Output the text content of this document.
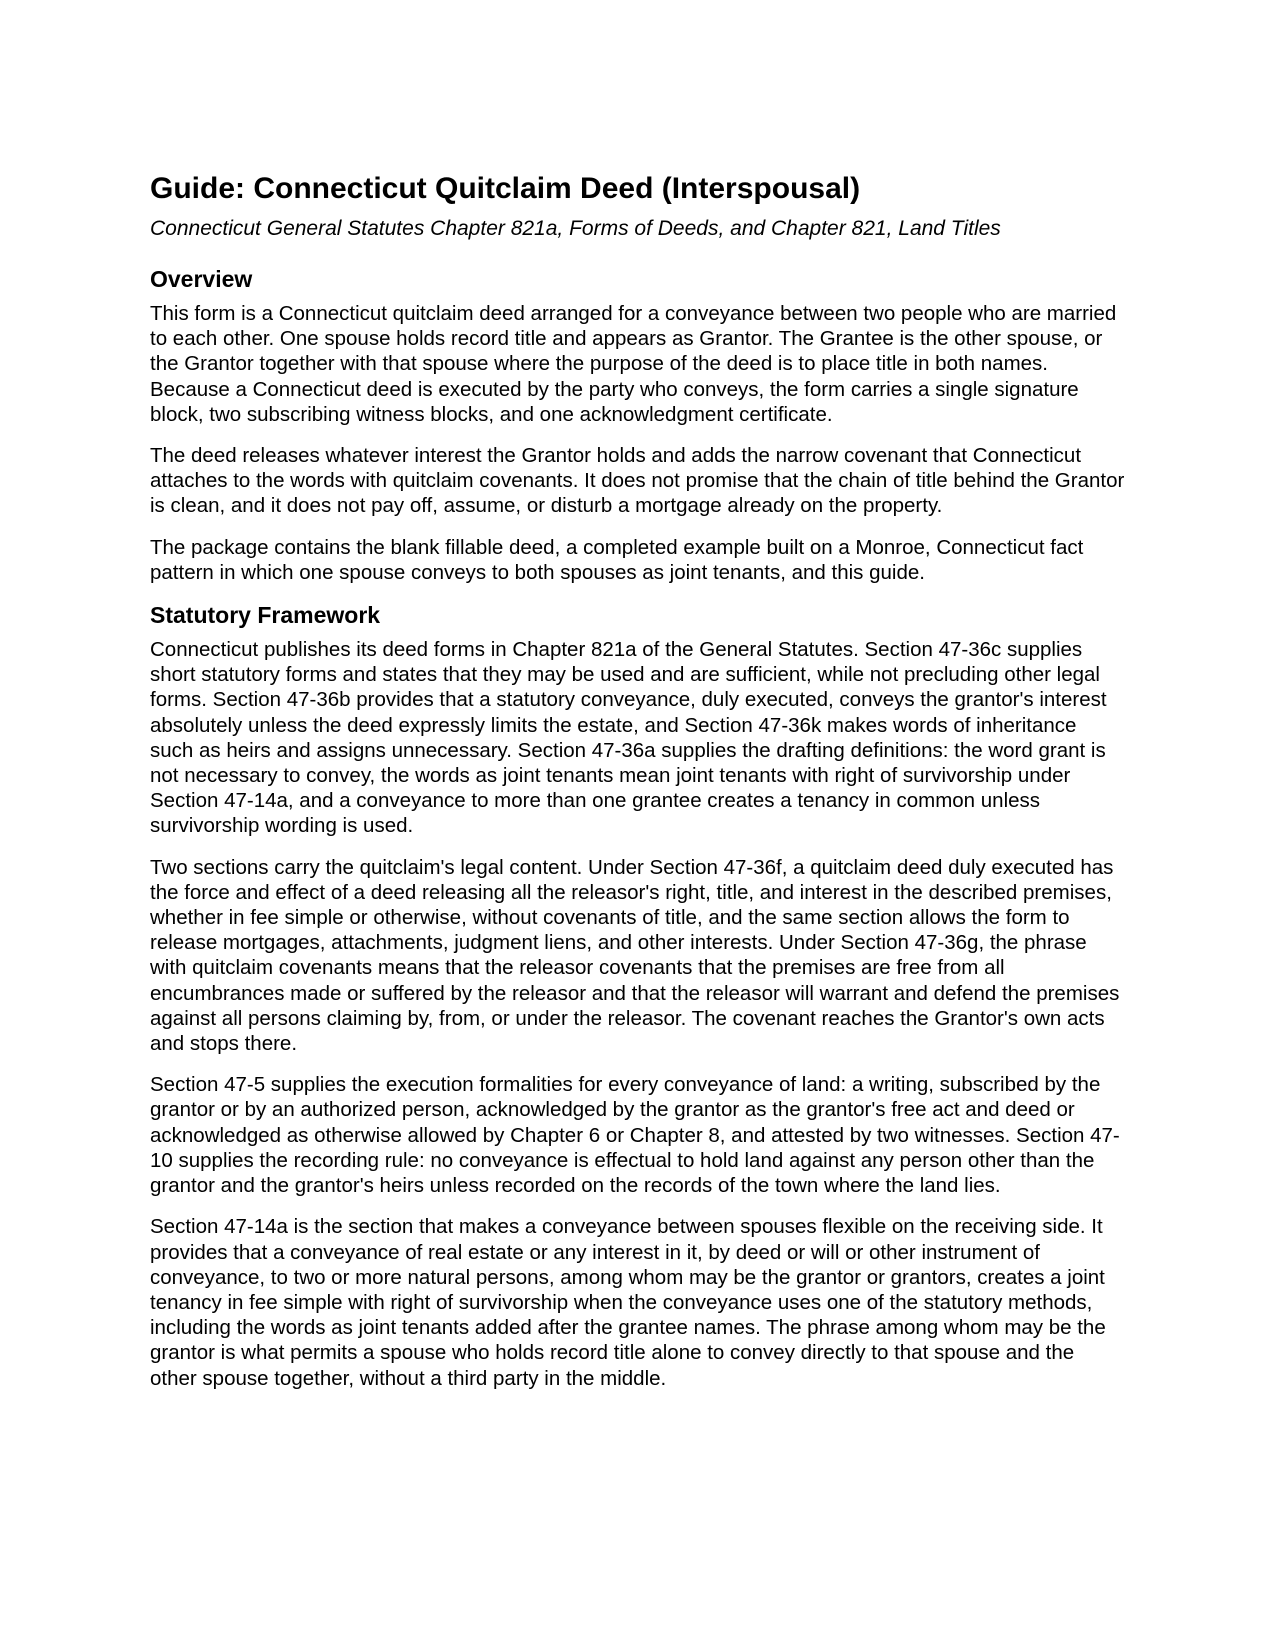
Guide: Connecticut Quitclaim Deed (Interspousal)
Connecticut General Statutes Chapter 821a, Forms of Deeds, and Chapter 821, Land Titles
Overview

This form is a Connecticut quitclaim deed arranged for a conveyance between two people who are married to each other. One spouse holds record title and appears as Grantor. The Grantee is the other spouse, or the Grantor together with that spouse where the purpose of the deed is to place title in both names. Because a Connecticut deed is executed by the party who conveys, the form carries a single signature block, two subscribing witness blocks, and one acknowledgment certificate.

The deed releases whatever interest the Grantor holds and adds the narrow covenant that Connecticut attaches to the words with quitclaim covenants. It does not promise that the chain of title behind the Grantor is clean, and it does not pay off, assume, or disturb a mortgage already on the property.

The package contains the blank fillable deed, a completed example built on a Monroe, Connecticut fact pattern in which one spouse conveys to both spouses as joint tenants, and this guide.

Statutory Framework

Connecticut publishes its deed forms in Chapter 821a of the General Statutes. Section 47-36c supplies short statutory forms and states that they may be used and are sufficient, while not precluding other legal forms. Section 47-36b provides that a statutory conveyance, duly executed, conveys the grantor's interest absolutely unless the deed expressly limits the estate, and Section 47-36k makes words of inheritance such as heirs and assigns unnecessary. Section 47-36a supplies the drafting definitions: the word grant is not necessary to convey, the words as joint tenants mean joint tenants with right of survivorship under Section 47-14a, and a conveyance to more than one grantee creates a tenancy in common unless survivorship wording is used.

Two sections carry the quitclaim's legal content. Under Section 47-36f, a quitclaim deed duly executed has the force and effect of a deed releasing all the releasor's right, title, and interest in the described premises, whether in fee simple or otherwise, without covenants of title, and the same section allows the form to release mortgages, attachments, judgment liens, and other interests. Under Section 47-36g, the phrase with quitclaim covenants means that the releasor covenants that the premises are free from all encumbrances made or suffered by the releasor and that the releasor will warrant and defend the premises against all persons claiming by, from, or under the releasor. The covenant reaches the Grantor's own acts and stops there.

Section 47-5 supplies the execution formalities for every conveyance of land: a writing, subscribed by the grantor or by an authorized person, acknowledged by the grantor as the grantor's free act and deed or acknowledged as otherwise allowed by Chapter 6 or Chapter 8, and attested by two witnesses. Section 47-10 supplies the recording rule: no conveyance is effectual to hold land against any person other than the grantor and the grantor's heirs unless recorded on the records of the town where the land lies.

Section 47-14a is the section that makes a conveyance between spouses flexible on the receiving side. It provides that a conveyance of real estate or any interest in it, by deed or will or other instrument of conveyance, to two or more natural persons, among whom may be the grantor or grantors, creates a joint tenancy in fee simple with right of survivorship when the conveyance uses one of the statutory methods, including the words as joint tenants added after the grantee names. The phrase among whom may be the grantor is what permits a spouse who holds record title alone to convey directly to that spouse and the other spouse together, without a third party in the middle.
